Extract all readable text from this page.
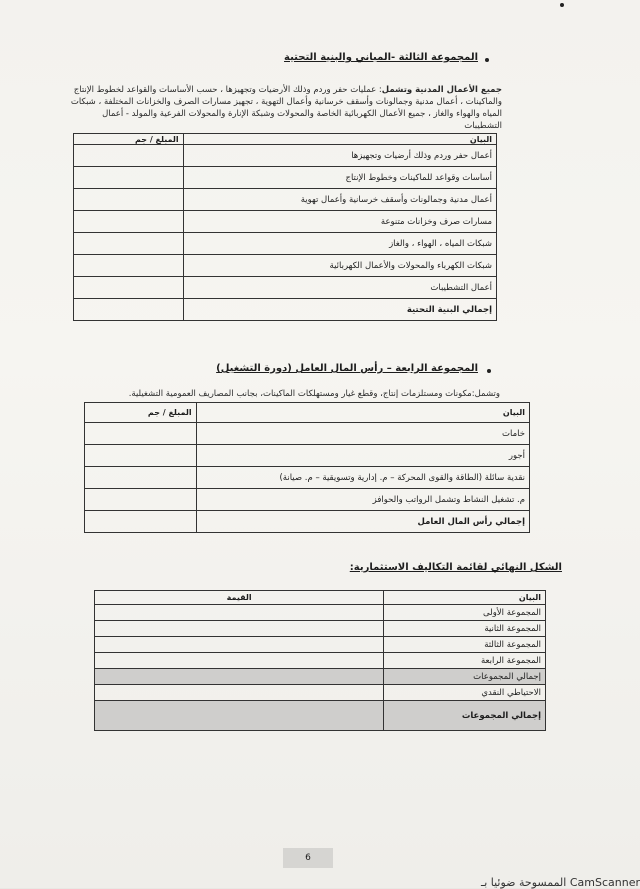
المجموعة الثالثة -المباني والبنية التحتية
جميع الأعمال المدنية وتشمل: عمليات حفر وردم وذلك الأرضيات وتجهيزها ، حسب الأساسات والقواعد لخطوط الإنتاج والماكينات ، أعمال مدنية وجمالونات وأسقف خرسانية وأعمال التهوية ، تجهيز مسارات الصرف والخزانات المختلفة ، شبكات المياه والهواء والغاز ، جميع الأعمال الكهربائية الخاصة والمحولات وشبكة الإنارة والمحولات الفرعية والمولد - أعمال التشطيبات
المبلغ / جم	البيان
	أعمال حفر وردم وذلك أرضيات وتجهيزها
	أساسات وقواعد للماكينات وخطوط الإنتاج
	أعمال مدنية وجمالونات وأسقف خرسانية وأعمال تهوية
	مسارات صرف وخزانات متنوعة
	شبكات المياه ، الهواء ، والغاز
	شبكات الكهرباء والمحولات والأعمال الكهربائية
	أعمال التشطيبات
	إجمالي البنية التحتية
المجموعة الرابعة – رأس المال العامل (دورة التشغيل)
وتشمل:مكونات ومستلزمات إنتاج، وقطع غيار ومستهلكات الماكينات، بجانب المصاريف العمومية التشغيلية.
المبلغ / جم	البيان
	خامات
	أجور
	نقدية سائلة (الطاقة والقوى المحركة – م. إدارية وتسويقية – م. صيانة)
	م. تشغيل النشاط وتشمل الرواتب والحوافز
	إجمالي رأس المال العامل
الشكل النهائي لقائمة التكاليف الاستثمارية:
القيمة	البيان
	المجموعة الأولى
	المجموعة الثانية
	المجموعة الثالثة
	المجموعة الرابعة
	إجمالي المجموعات
	الاحتياطي النقدي
	إجمالي المجموعات
6
CamScanner الممسوحة ضوئيا بـ
